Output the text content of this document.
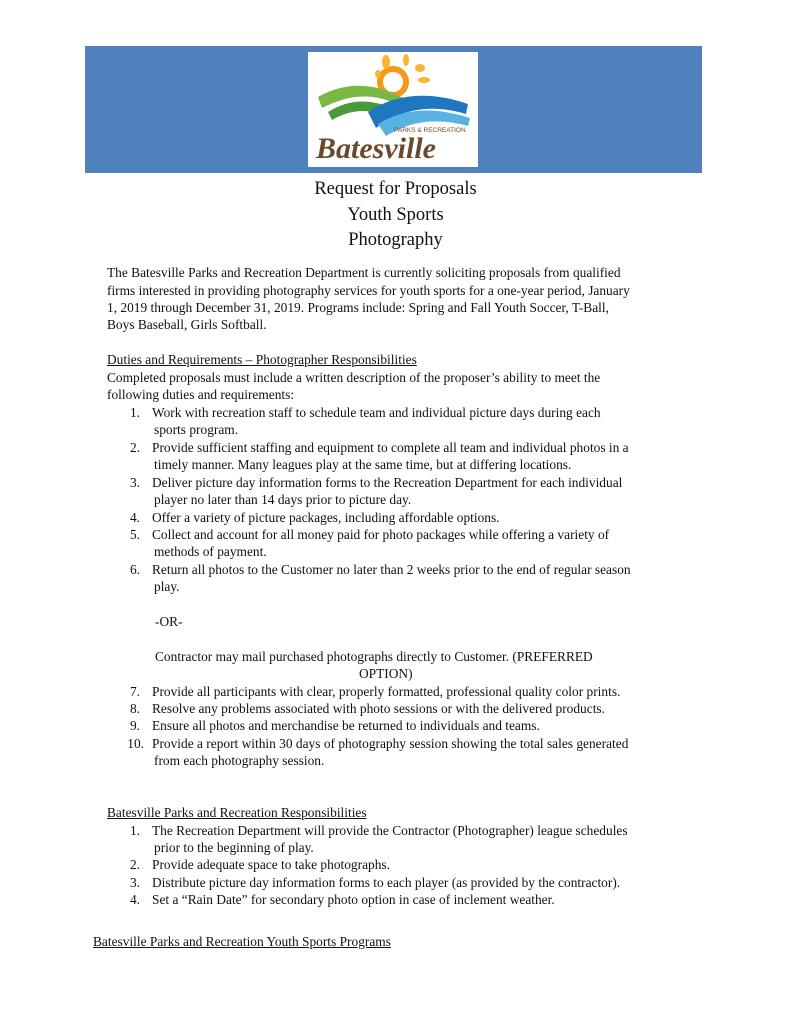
PARKS & RECREATION
Batesville
Request for Proposals
Youth Sports
Photography
The Batesville Parks and Recreation Department is currently soliciting proposals from qualified
firms interested in providing photography services for youth sports for a one-year period, January
1, 2019 through December 31, 2019. Programs include: Spring and Fall Youth Soccer, T-Ball,
Boys Baseball, Girls Softball.
Duties and Requirements – Photographer Responsibilities
Completed proposals must include a written description of the proposer’s ability to meet the
following duties and requirements:
1. Work with recreation staff to schedule team and individual picture days during each
sports program.
2. Provide sufficient staffing and equipment to complete all team and individual photos in a
timely manner. Many leagues play at the same time, but at differing locations.
3. Deliver picture day information forms to the Recreation Department for each individual
player no later than 14 days prior to picture day.
4. Offer a variety of picture packages, including affordable options.
5. Collect and account for all money paid for photo packages while offering a variety of
methods of payment.
6. Return all photos to the Customer no later than 2 weeks prior to the end of regular season
play.
-OR-
Contractor may mail purchased photographs directly to Customer. (PREFERRED
OPTION)
7. Provide all participants with clear, properly formatted, professional quality color prints.
8. Resolve any problems associated with photo sessions or with the delivered products.
9. Ensure all photos and merchandise be returned to individuals and teams.
10. Provide a report within 30 days of photography session showing the total sales generated
from each photography session.
Batesville Parks and Recreation Responsibilities
1. The Recreation Department will provide the Contractor (Photographer) league schedules
prior to the beginning of play.
2. Provide adequate space to take photographs.
3. Distribute picture day information forms to each player (as provided by the contractor).
4. Set a “Rain Date” for secondary photo option in case of inclement weather.
Batesville Parks and Recreation Youth Sports Programs
